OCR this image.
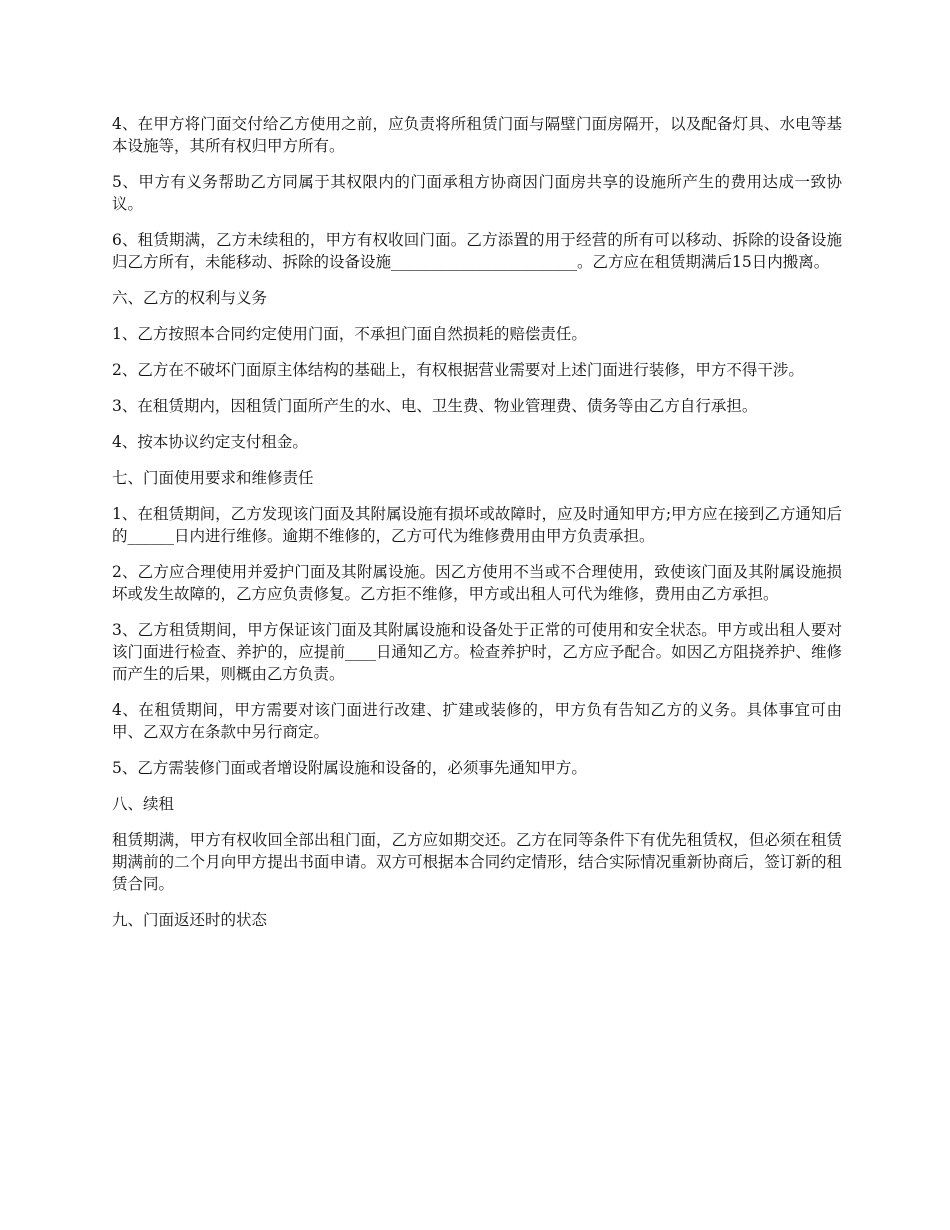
4、在甲方将门面交付给乙方使用之前，应负责将所租赁门面与隔壁门面房隔开，以及配备灯具、水电等基本设施等，其所有权归甲方所有。

5、甲方有义务帮助乙方同属于其权限内的门面承租方协商因门面房共享的设施所产生的费用达成一致协议。

6、租赁期满，乙方未续租的，甲方有权收回门面。乙方添置的用于经营的所有可以移动、拆除的设备设施归乙方所有，未能移动、拆除的设备设施________________________。乙方应在租赁期满后15日内搬离。

六、乙方的权利与义务

1、乙方按照本合同约定使用门面，不承担门面自然损耗的赔偿责任。

2、乙方在不破坏门面原主体结构的基础上，有权根据营业需要对上述门面进行装修，甲方不得干涉。

3、在租赁期内，因租赁门面所产生的水、电、卫生费、物业管理费、债务等由乙方自行承担。

4、按本协议约定支付租金。

七、门面使用要求和维修责任

1、在租赁期间，乙方发现该门面及其附属设施有损坏或故障时，应及时通知甲方;甲方应在接到乙方通知后的______日内进行维修。逾期不维修的，乙方可代为维修费用由甲方负责承担。

2、乙方应合理使用并爱护门面及其附属设施。因乙方使用不当或不合理使用，致使该门面及其附属设施损坏或发生故障的，乙方应负责修复。乙方拒不维修，甲方或出租人可代为维修，费用由乙方承担。

3、乙方租赁期间，甲方保证该门面及其附属设施和设备处于正常的可使用和安全状态。甲方或出租人要对该门面进行检查、养护的，应提前____日通知乙方。检查养护时，乙方应予配合。如因乙方阻挠养护、维修而产生的后果，则概由乙方负责。

4、在租赁期间，甲方需要对该门面进行改建、扩建或装修的，甲方负有告知乙方的义务。具体事宜可由甲、乙双方在条款中另行商定。

5、乙方需装修门面或者增设附属设施和设备的，必须事先通知甲方。

八、续租

租赁期满，甲方有权收回全部出租门面，乙方应如期交还。乙方在同等条件下有优先租赁权，但必须在租赁期满前的二个月向甲方提出书面申请。双方可根据本合同约定情形，结合实际情况重新协商后，签订新的租赁合同。

九、门面返还时的状态
